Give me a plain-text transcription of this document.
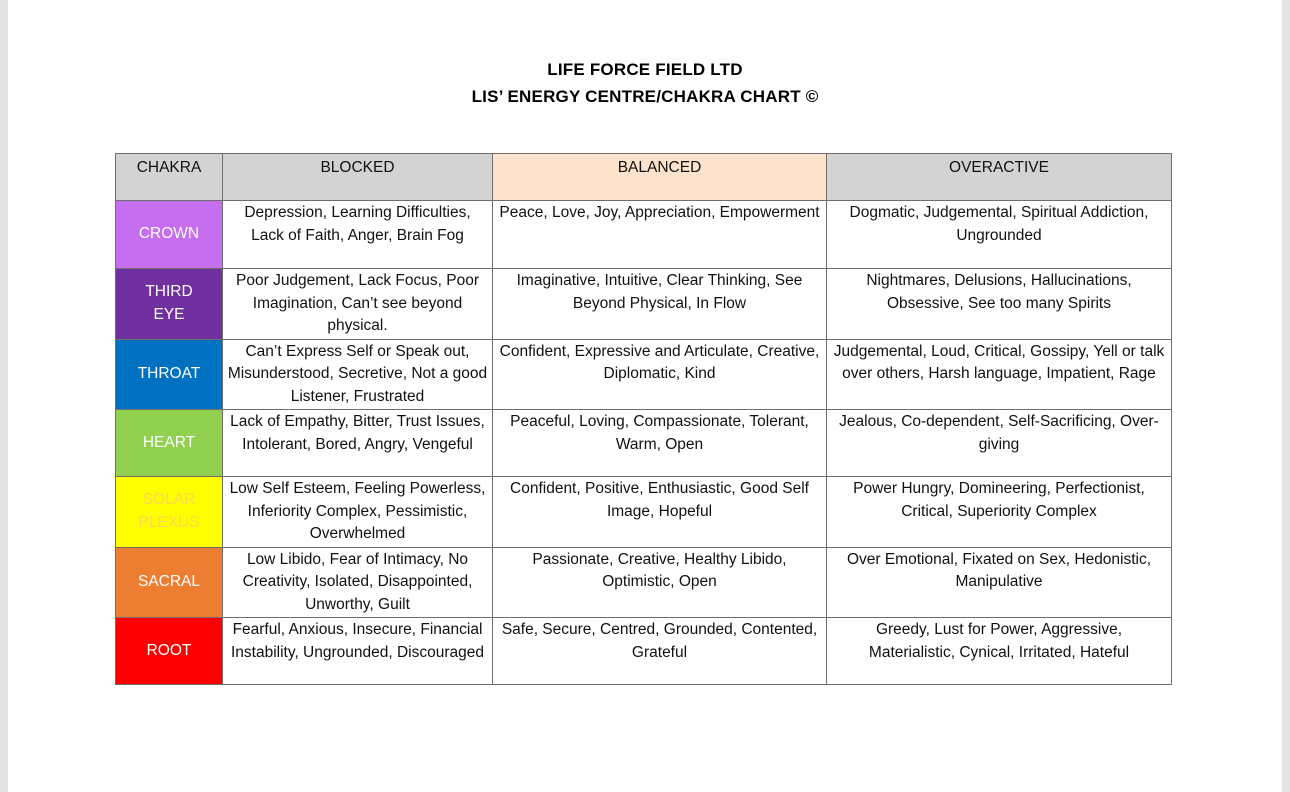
LIFE FORCE FIELD LTD
LIS’ ENERGY CENTRE/CHAKRA CHART ©
CHAKRA	BLOCKED	BALANCED	OVERACTIVE
CROWN	Depression, Learning Difficulties, Lack of Faith, Anger, Brain Fog	Peace, Love, Joy, Appreciation, Empowerment	Dogmatic, Judgemental, Spiritual Addiction, Ungrounded
THIRD EYE	Poor Judgement, Lack Focus, Poor Imagination, Can’t see beyond physical.	Imaginative, Intuitive, Clear Thinking, See Beyond Physical, In Flow	Nightmares, Delusions, Hallucinations, Obsessive, See too many Spirits
THROAT	Can’t Express Self or Speak out, Misunderstood, Secretive, Not a good Listener, Frustrated	Confident, Expressive and Articulate, Creative, Diplomatic, Kind	Judgemental, Loud, Critical, Gossipy, Yell or talk over others, Harsh language, Impatient, Rage
HEART	Lack of Empathy, Bitter, Trust Issues, Intolerant, Bored, Angry, Vengeful	Peaceful, Loving, Compassionate, Tolerant, Warm, Open	Jealous, Co-dependent, Self-Sacrificing, Over-giving
SOLAR PLEXUS	Low Self Esteem, Feeling Powerless, Inferiority Complex, Pessimistic, Overwhelmed	Confident, Positive, Enthusiastic, Good Self Image, Hopeful	Power Hungry, Domineering, Perfectionist, Critical, Superiority Complex
SACRAL	Low Libido, Fear of Intimacy, No Creativity, Isolated, Disappointed, Unworthy, Guilt	Passionate, Creative, Healthy Libido, Optimistic, Open	Over Emotional, Fixated on Sex, Hedonistic, Manipulative
ROOT	Fearful, Anxious, Insecure, Financial Instability, Ungrounded, Discouraged	Safe, Secure, Centred, Grounded, Contented, Grateful	Greedy, Lust for Power, Aggressive, Materialistic, Cynical, Irritated, Hateful
